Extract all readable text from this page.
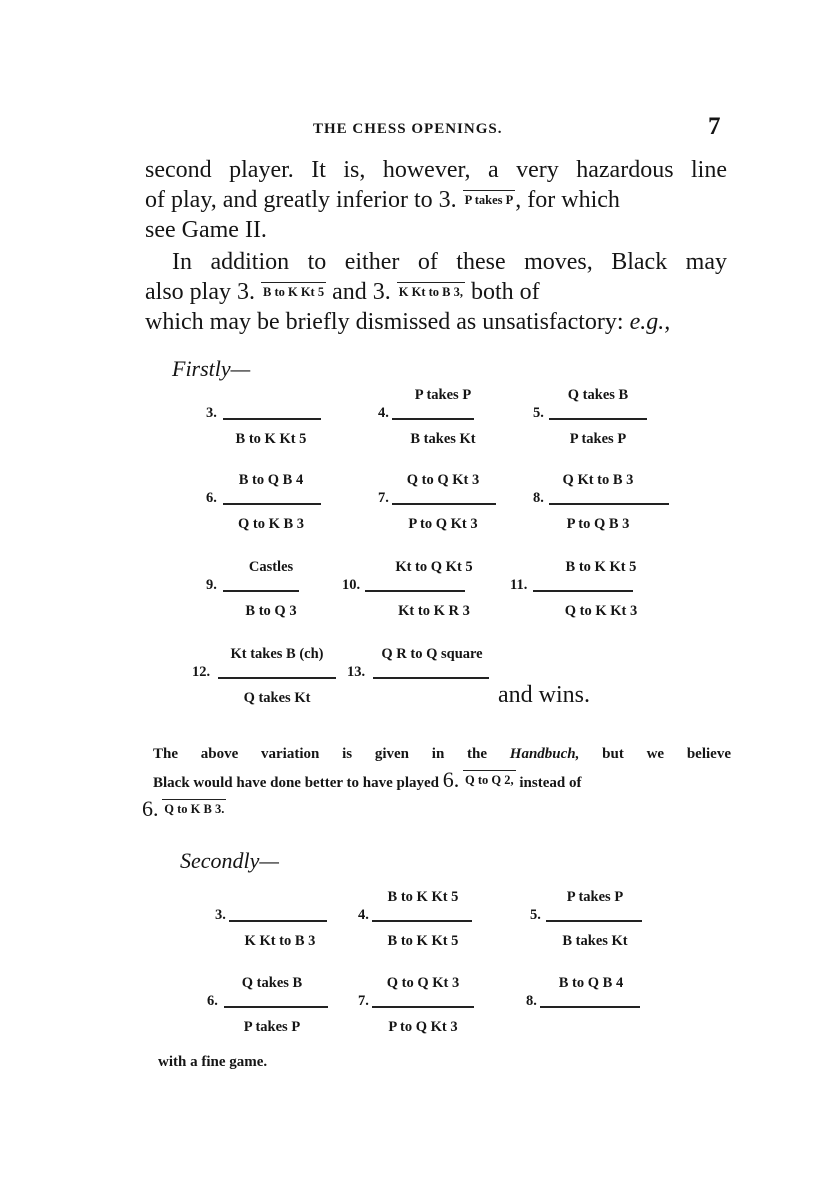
THE CHESS OPENINGS.	7
second player. It is, however, a very hazardous line
of play, and greatly inferior to 3. P takes P, for which
see Game II.
In addition to either of these moves, Black may
also play 3. B to K Kt 5 and 3. K Kt to B 3, both of
which may be briefly dismissed as unsatisfactory: e.g.,
Firstly—
3.
B to K Kt 5
P takes P
4.
B takes Kt
Q takes B
5.
P takes P
B to Q B 4
6.
Q to K B 3
Q to Q Kt 3
7.
P to Q Kt 3
Q Kt to B 3
8.
P to Q B 3
Castles
9.
B to Q 3
Kt to Q Kt 5
10.
Kt to K R 3
B to K Kt 5
11.
Q to K Kt 3
Kt takes B (ch)
12.
Q takes Kt
Q R to Q square
13.
and wins.
The above variation is given in the Handbuch, but we believe
Black would have done better to have played 6. Q to Q 2, instead of
6. Q to K B 3.
Secondly—
3.
K Kt to B 3
B to K Kt 5
4.
B to K Kt 5
P takes P
5.
B takes Kt
Q takes B
6.
P takes P
Q to Q Kt 3
7.
P to Q Kt 3
B to Q B 4
8.
with a fine game.
